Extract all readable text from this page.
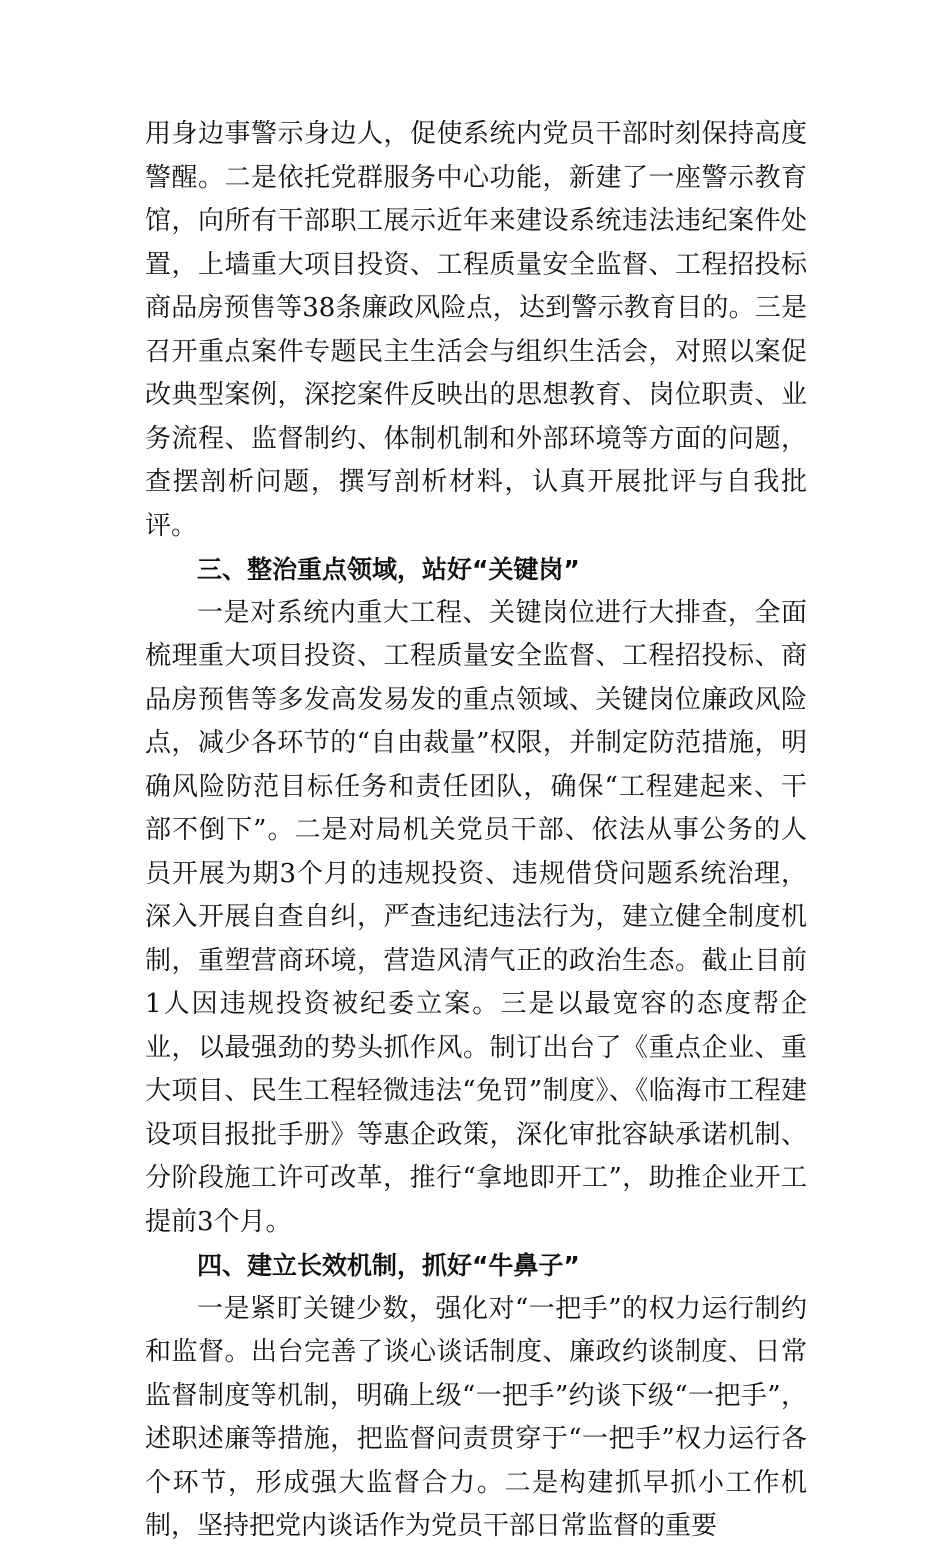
用身边事警示身边人，促使系统内党员干部时刻保持高度警醒。二是依托党群服务中心功能，新建了一座警示教育馆，向所有干部职工展示近年来建设系统违法违纪案件处置，上墙重大项目投资、工程质量安全监督、工程招投标商品房预售等38条廉政风险点，达到警示教育目的。三是召开重点案件专题民主生活会与组织生活会，对照以案促改典型案例，深挖案件反映出的思想教育、岗位职责、业务流程、监督制约、体制机制和外部环境等方面的问题，查摆剖析问题，撰写剖析材料，认真开展批评与自我批评。

三、整治重点领域，站好“关键岗”

一是对系统内重大工程、关键岗位进行大排查，全面梳理重大项目投资、工程质量安全监督、工程招投标、商品房预售等多发高发易发的重点领域、关键岗位廉政风险点，减少各环节的“自由裁量”权限，并制定防范措施，明确风险防范目标任务和责任团队，确保“工程建起来、干部不倒下”。二是对局机关党员干部、依法从事公务的人员开展为期3个月的违规投资、违规借贷问题系统治理，深入开展自查自纠，严查违纪违法行为，建立健全制度机制，重塑营商环境，营造风清气正的政治生态。截止目前1人因违规投资被纪委立案。三是以最宽容的态度帮企业，以最强劲的势头抓作风。制订出台了《重点企业、重大项目、民生工程轻微违法“免罚”制度》、《临海市工程建设项目报批手册》等惠企政策，深化审批容缺承诺机制、分阶段施工许可改革，推行“拿地即开工”，助推企业开工提前3个月。

四、建立长效机制，抓好“牛鼻子”

一是紧盯关键少数，强化对“一把手”的权力运行制约和监督。出台完善了谈心谈话制度、廉政约谈制度、日常监督制度等机制，明确上级“一把手”约谈下级“一把手”，述职述廉等措施，把监督问责贯穿于“一把手”权力运行各个环节，形成强大监督合力。二是构建抓早抓小工作机制，坚持把党内谈话作为党员干部日常监督的重要
